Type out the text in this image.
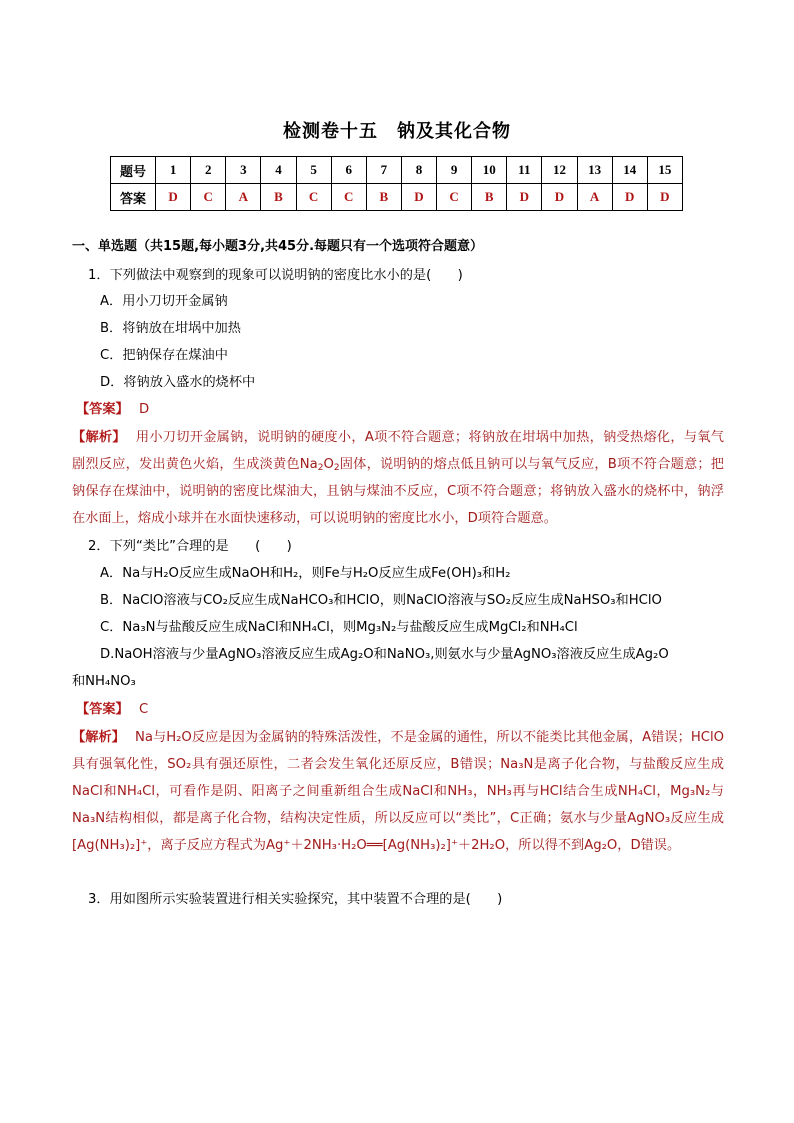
检测卷十五　钠及其化合物
题号	1	2	3	4	5	6	7	8	9	10	11	12	13	14	15
答案	D	C	A	B	C	C	B	D	C	B	D	D	A	D	D
一、单选题（共15题,每小题3分,共45分.每题只有一个选项符合题意）
1．下列做法中观察到的现象可以说明钠的密度比水小的是(　　)
A．用小刀切开金属钠
B．将钠放在坩埚中加热
C．把钠保存在煤油中
D．将钠放入盛水的烧杯中
【答案】 D
【解析】 用小刀切开金属钠，说明钠的硬度小，A项不符合题意；将钠放在坩埚中加热，钠受热熔化，与氧气剧烈反应，发出黄色火焰，生成淡黄色$Na_2O_2$固体，说明钠的熔点低且钠可以与氧气反应，B项不符合题意；把钠保存在煤油中，说明钠的密度比煤油大，且钠与煤油不反应，C项不符合题意；将钠放入盛水的烧杯中，钠浮在水面上，熔成小球并在水面快速移动，可以说明钠的密度比水小，D项符合题意。
2．下列“类比”合理的是　　(　　)
A．Na与H₂O反应生成NaOH和H₂，则Fe与H₂O反应生成Fe(OH)₃和H₂
B．NaClO溶液与CO₂反应生成NaHCO₃和HClO，则NaClO溶液与SO₂反应生成NaHSO₃和HClO
C．Na₃N与盐酸反应生成NaCl和NH₄Cl，则Mg₃N₂与盐酸反应生成MgCl₂和NH₄Cl
D.NaOH溶液与少量AgNO₃溶液反应生成Ag₂O和NaNO₃,则氨水与少量AgNO₃溶液反应生成Ag₂O
和NH₄NO₃
【答案】 C
【解析】 Na与H₂O反应是因为金属钠的特殊活泼性，不是金属的通性，所以不能类比其他金属，A错误；HClO具有强氧化性，SO₂具有强还原性，二者会发生氧化还原反应，B错误；Na₃N是离子化合物，与盐酸反应生成NaCl和NH₄Cl，可看作是阴、阳离子之间重新组合生成NaCl和NH₃，NH₃再与HCl结合生成NH₄Cl，Mg₃N₂与Na₃N结构相似，都是离子化合物，结构决定性质，所以反应可以“类比”，C正确；氨水与少量AgNO₃反应生成[Ag(NH₃)₂]⁺，离子反应方程式为Ag⁺＋2NH₃·H₂O══[Ag(NH₃)₂]⁺＋2H₂O，所以得不到Ag₂O，D错误。
3．用如图所示实验装置进行相关实验探究，其中装置不合理的是(　　)
